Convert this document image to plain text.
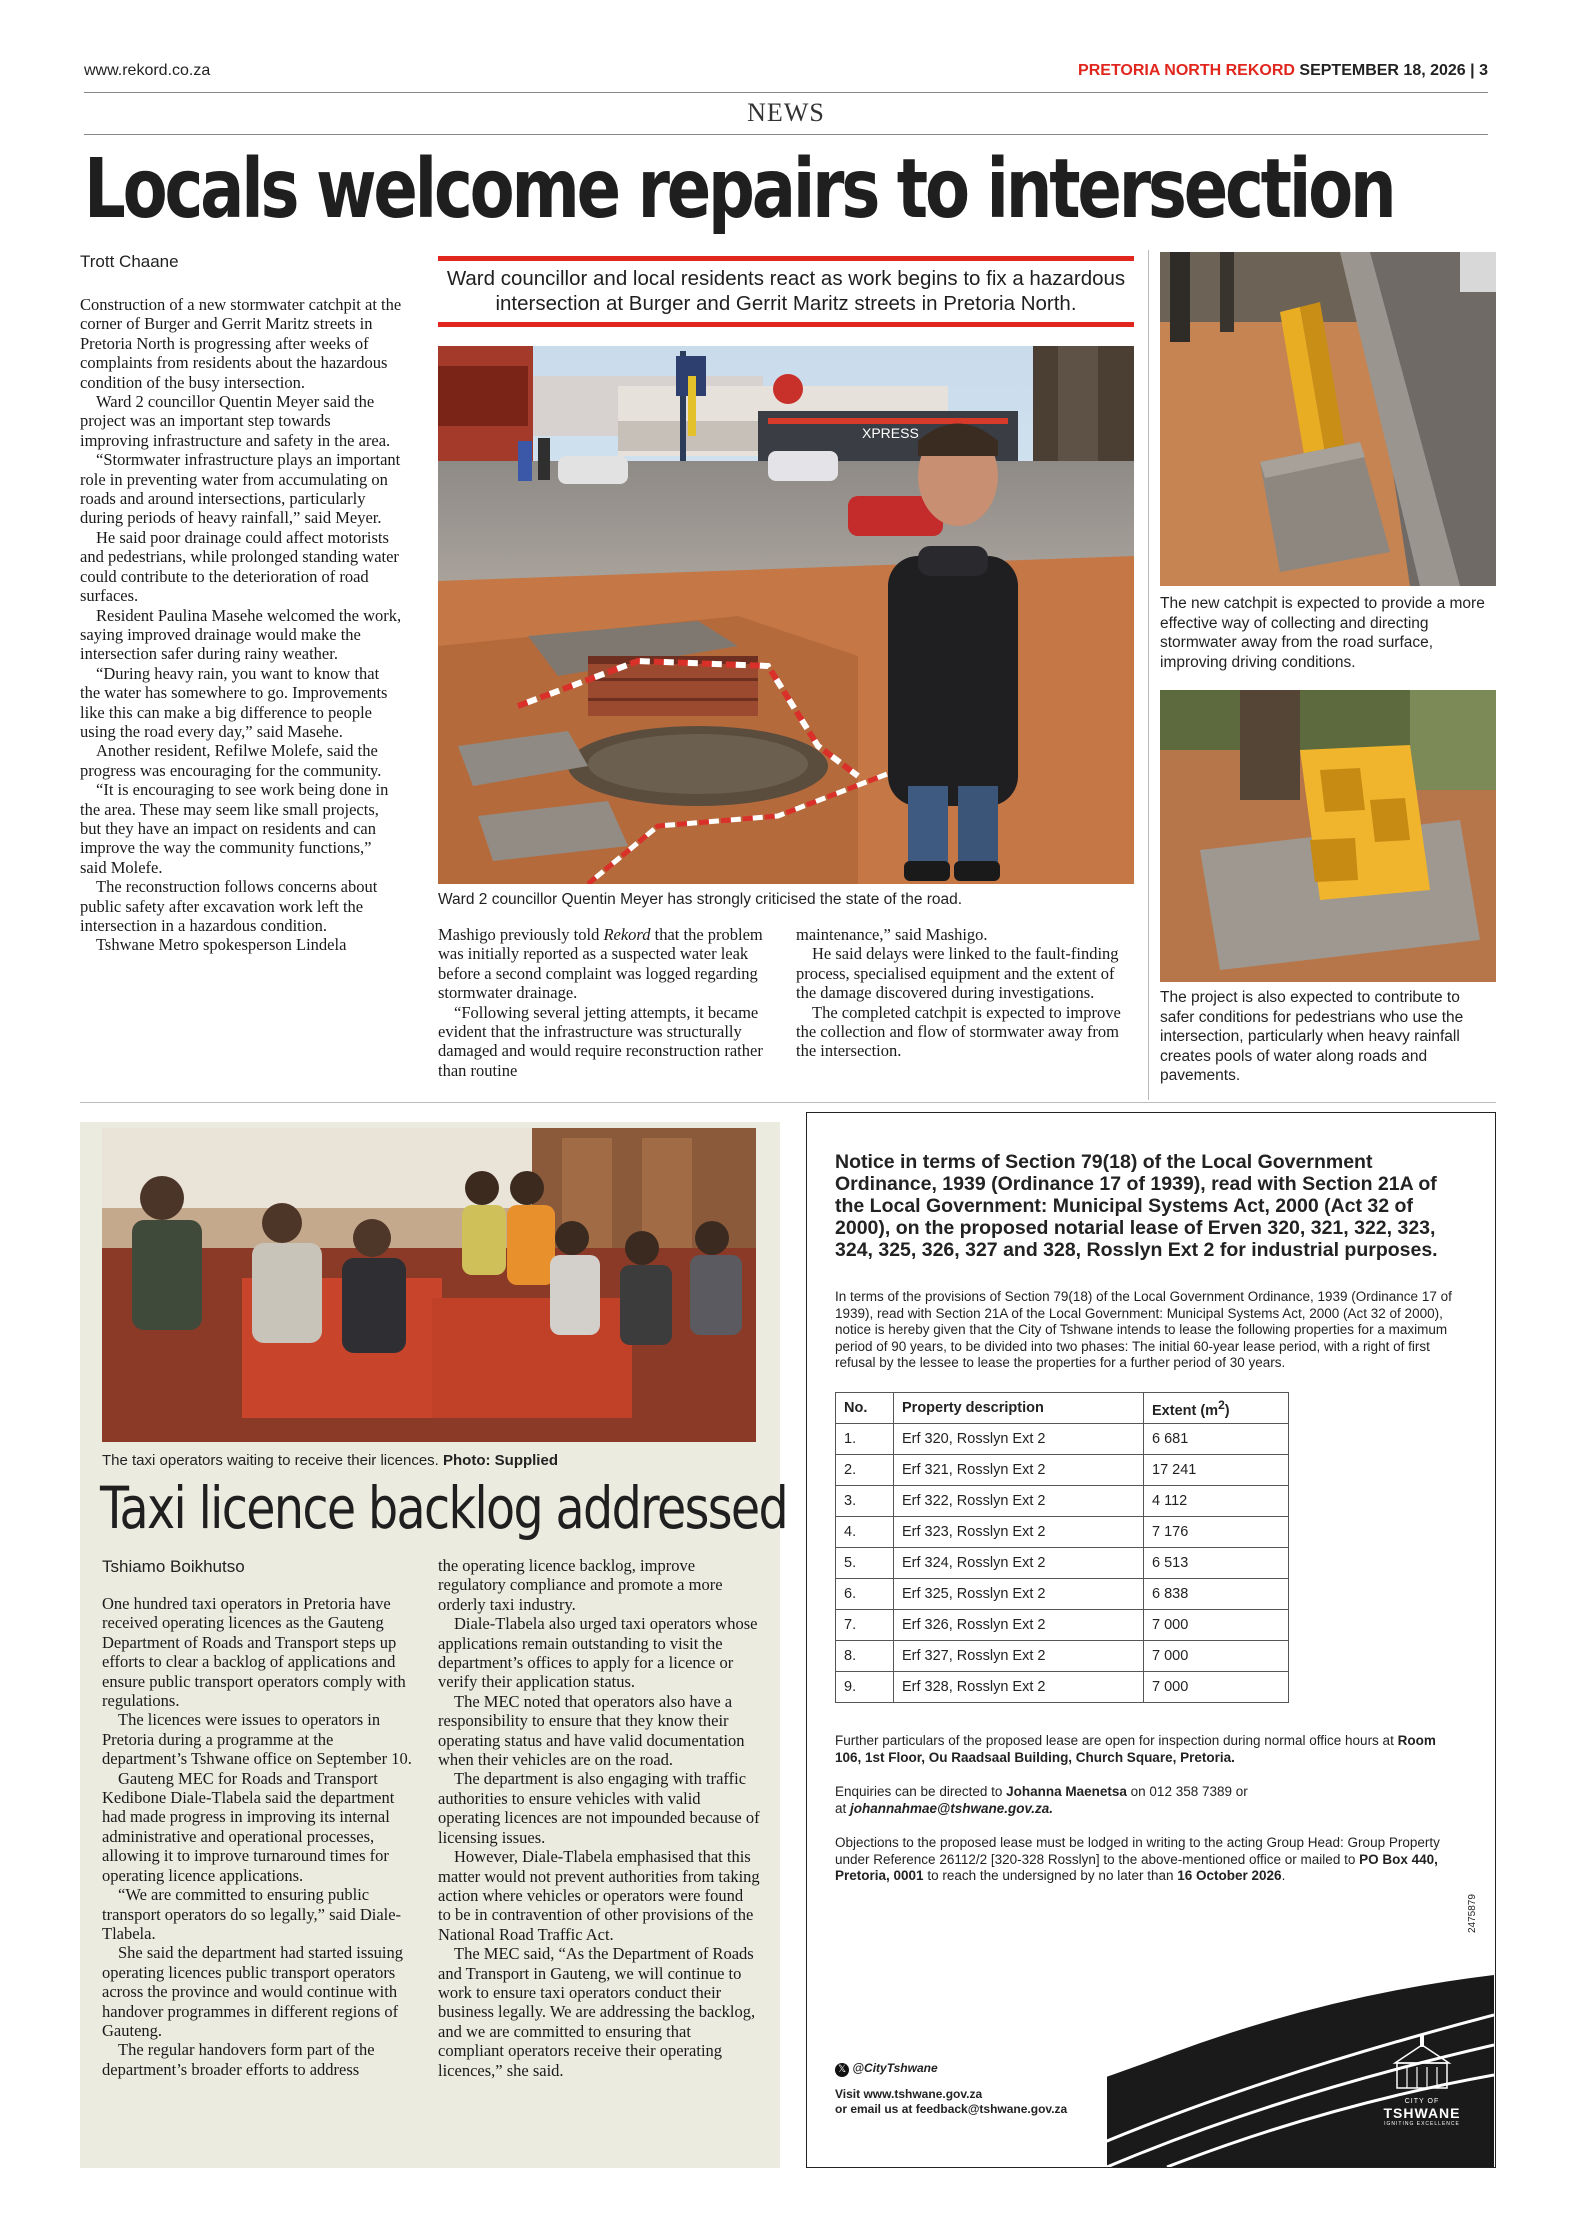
www.rekord.co.za	PRETORIA NORTH REKORD SEPTEMBER 18, 2026 | 3
NEWS
Locals welcome repairs to intersection
Trott Chaane

Construction of a new stormwater catchpit at the corner of Burger and Gerrit Maritz streets in Pretoria North is progressing after weeks of complaints from residents about the hazardous condition of the busy intersection.

Ward 2 councillor Quentin Meyer said the project was an important step towards improving infrastructure and safety in the area.

“Stormwater infrastructure plays an important role in preventing water from accumulating on roads and around intersections, particularly during periods of heavy rainfall,” said Meyer.

He said poor drainage could affect motorists and pedestrians, while prolonged standing water could contribute to the deterioration of road surfaces.

Resident Paulina Masehe welcomed the work, saying improved drainage would make the intersection safer during rainy weather.

“During heavy rain, you want to know that the water has somewhere to go. Improvements like this can make a big difference to people using the road every day,” said Masehe.

Another resident, Refilwe Molefe, said the progress was encouraging for the community.

“It is encouraging to see work being done in the area. These may seem like small projects, but they have an impact on residents and can improve the way the community functions,” said Molefe.

The reconstruction follows concerns about public safety after excavation work left the intersection in a hazardous condition.

Tshwane Metro spokesperson Lindela

Ward councillor and local residents react as work begins to fix a hazardous intersection at Burger and Gerrit Maritz streets in Pretoria North.
XPRESS
Ward 2 councillor Quentin Meyer has strongly criticised the state of the road.

Mashigo previously told Rekord that the problem was initially reported as a suspected water leak before a second complaint was logged regarding stormwater drainage.

“Following several jetting attempts, it became evident that the infrastructure was structurally damaged and would require reconstruction rather than routine

maintenance,” said Mashigo.

He said delays were linked to the fault-finding process, specialised equipment and the extent of the damage discovered during investigations.

The completed catchpit is expected to improve the collection and flow of stormwater away from the intersection.

The new catchpit is expected to provide a more effective way of collecting and directing stormwater away from the road surface, improving driving conditions.
The project is also expected to contribute to safer conditions for pedestrians who use the intersection, particularly when heavy rainfall creates pools of water along roads and pavements.
The taxi operators waiting to receive their licences. Photo: Supplied
Taxi licence backlog addressed
Tshiamo Boikhutso

One hundred taxi operators in Pretoria have received operating licences as the Gauteng Department of Roads and Transport steps up efforts to clear a backlog of applications and ensure public transport operators comply with regulations.

The licences were issues to operators in Pretoria during a programme at the department’s Tshwane office on September 10.

Gauteng MEC for Roads and Transport Kedibone Diale-Tlabela said the department had made progress in improving its internal administrative and operational processes, allowing it to improve turnaround times for operating licence applications.

“We are committed to ensuring public transport operators do so legally,” said Diale-Tlabela.

She said the department had started issuing operating licences public transport operators across the province and would continue with handover programmes in different regions of Gauteng.

The regular handovers form part of the department’s broader efforts to address

the operating licence backlog, improve regulatory compliance and promote a more orderly taxi industry.

Diale-Tlabela also urged taxi operators whose applications remain outstanding to visit the department’s offices to apply for a licence or verify their application status.

The MEC noted that operators also have a responsibility to ensure that they know their operating status and have valid documentation when their vehicles are on the road.

The department is also engaging with traffic authorities to ensure vehicles with valid operating licences are not impounded because of licensing issues.

However, Diale-Tlabela emphasised that this matter would not prevent authorities from taking action where vehicles or operators were found to be in contravention of other provisions of the National Road Traffic Act.

The MEC said, “As the Department of Roads and Transport in Gauteng, we will continue to work to ensure taxi operators conduct their business legally. We are addressing the backlog, and we are committed to ensuring that compliant operators receive their operating licences,” she said.

Notice in terms of Section 79(18) of the Local Government Ordinance, 1939 (Ordinance 17 of 1939), read with Section 21A of the Local Government: Municipal Systems Act, 2000 (Act 32 of 2000), on the proposed notarial lease of Erven 320, 321, 322, 323, 324, 325, 326, 327 and 328, Rosslyn Ext 2 for industrial purposes.
In terms of the provisions of Section 79(18) of the Local Government Ordinance, 1939 (Ordinance 17 of 1939), read with Section 21A of the Local Government: Municipal Systems Act, 2000 (Act 32 of 2000), notice is hereby given that the City of Tshwane intends to lease the following properties for a maximum period of 90 years, to be divided into two phases: The initial 60-year lease period, with a right of first refusal by the lessee to lease the properties for a further period of 30 years.
No.	Property description	Extent $(m^2)$
1.	Erf 320, Rosslyn Ext 2	6 681
2.	Erf 321, Rosslyn Ext 2	17 241
3.	Erf 322, Rosslyn Ext 2	4 112
4.	Erf 323, Rosslyn Ext 2	7 176
5.	Erf 324, Rosslyn Ext 2	6 513
6.	Erf 325, Rosslyn Ext 2	6 838
7.	Erf 326, Rosslyn Ext 2	7 000
8.	Erf 327, Rosslyn Ext 2	7 000
9.	Erf 328, Rosslyn Ext 2	7 000
Further particulars of the proposed lease are open for inspection during normal office hours at Room 106, 1st Floor, Ou Raadsaal Building, Church Square, Pretoria.
Enquiries can be directed to Johanna Maenetsa on 012 358 7389 or
at johannahmae@tshwane.gov.za.
Objections to the proposed lease must be lodged in writing to the acting Group Head: Group Property under Reference 26112/2 [320-328 Rosslyn] to the above-mentioned office or mailed to PO Box 440, Pretoria, 0001 to reach the undersigned by no later than 16 October 2026.
2475879
𝕏 @CityTshwane
Visit www.tshwane.gov.za
or email us at feedback@tshwane.gov.za
CITY OF
TSHWANE
IGNITING EXCELLENCE
